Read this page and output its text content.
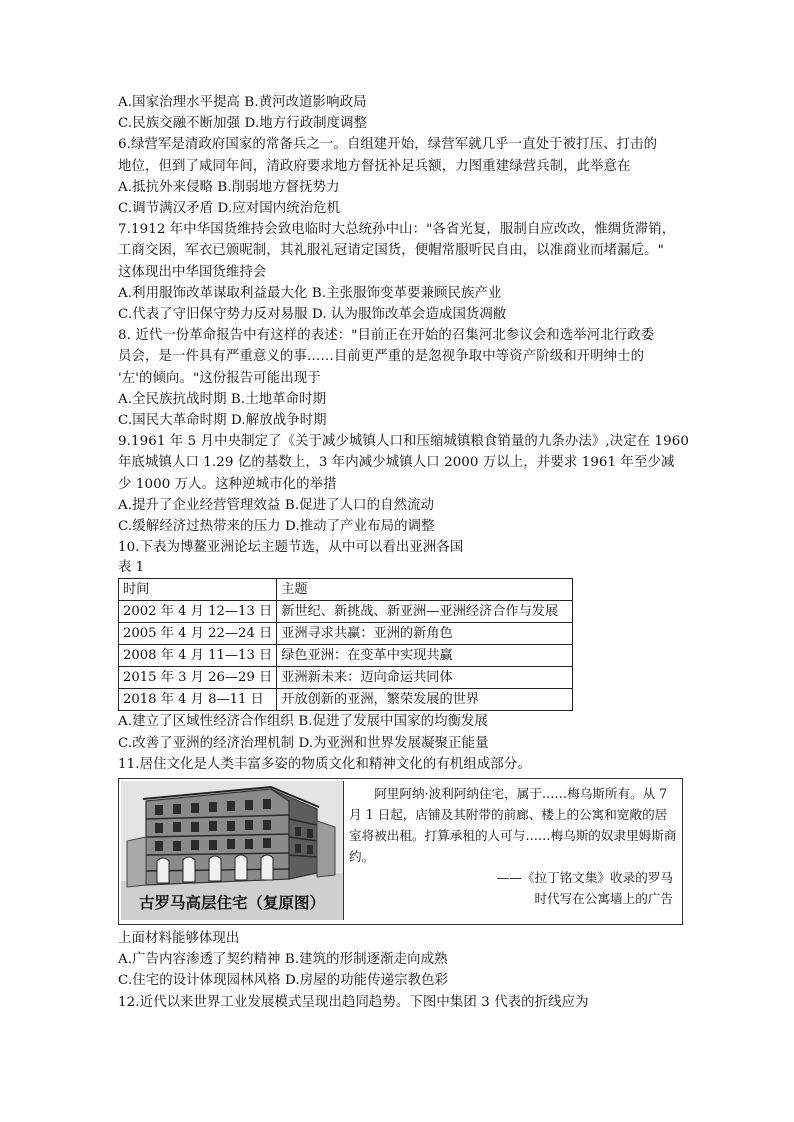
A.国家治理水平提高 B.黄河改道影响政局
C.民族交融不断加强 D.地方行政制度调整
6.绿营军是清政府国家的常备兵之一。自组建开始，绿营军就几乎一直处于被打压、打击的
地位，但到了咸同年间，清政府要求地方督抚补足兵额，力图重建绿营兵制，此举意在
A.抵抗外来侵略 B.削弱地方督抚势力
C.调节满汉矛盾 D.应对国内统治危机
7.1912 年中华国货维持会致电临时大总统孙中山："各省光复，服制自应改改，惟绸货滞销，
工商交困，军衣已颁呢制，其礼服礼冠请定国货，便帽常服听民自由，以准商业而堵漏卮。"
这体现出中华国货维持会
A.利用服饰改革谋取利益最大化 B.主张服饰变革要兼顾民族产业
C.代表了守旧保守势力反对易服 D. 认为服饰改革会造成国货凋敝
8. 近代一份革命报告中有这样的表述："目前正在开始的召集河北参议会和选举河北行政委
员会，是一件具有严重意义的事……目前更严重的是忽视争取中等资产阶级和开明绅士的
'左'的倾向。"这份报告可能出现于
A.全民族抗战时期 B.土地革命时期
C.国民大革命时期 D.解放战争时期
9.1961 年 5 月中央制定了《关于减少城镇人口和压缩城镇粮食销量的九条办法》,决定在 1960
年底城镇人口 1.29 亿的基数上，3 年内减少城镇人口 2000 万以上，并要求 1961 年至少减
少 1000 万人。这种逆城市化的举措
A.提升了企业经营管理效益 B.促进了人口的自然流动
C.缓解经济过热带来的压力 D.推动了产业布局的调整
10.下表为博鳌亚洲论坛主题节选，从中可以看出亚洲各国
表 1
时间	主题
2002 年 4 月 12—13 日	新世纪、新挑战、新亚洲—亚洲经济合作与发展
2005 年 4 月 22—24 日	亚洲寻求共赢：亚洲的新角色
2008 年 4 月 11—13 日	绿色亚洲：在变革中实现共赢
2015 年 3 月 26—29 日	亚洲新未来：迈向命运共同体
2018 年 4 月 8—11 日	开放创新的亚洲，繁荣发展的世界
A.建立了区域性经济合作组织 B.促进了发展中国家的均衡发展
C.改善了亚洲的经济治理机制 D.为亚洲和世界发展凝聚正能量
11.居住文化是人类丰富多姿的物质文化和精神文化的有机组成部分。
古罗马高层住宅（复原图）
阿里阿纳·波利阿纳住宅，属于……梅乌斯所有。从 7 月 1 日起，店铺及其附带的前廊、楼上的公寓和宽敞的居室将被出租。打算承租的人可与……梅乌斯的奴隶里姆斯商约。
——《拉丁铭文集》收录的罗马
时代写在公寓墙上的广告
上面材料能够体现出
A.广告内容渗透了契约精神 B.建筑的形制逐渐走向成熟
C.住宅的设计体现园林风格 D.房屋的功能传递宗教色彩
12.近代以来世界工业发展模式呈现出趋同趋势。下图中集团 3 代表的折线应为
